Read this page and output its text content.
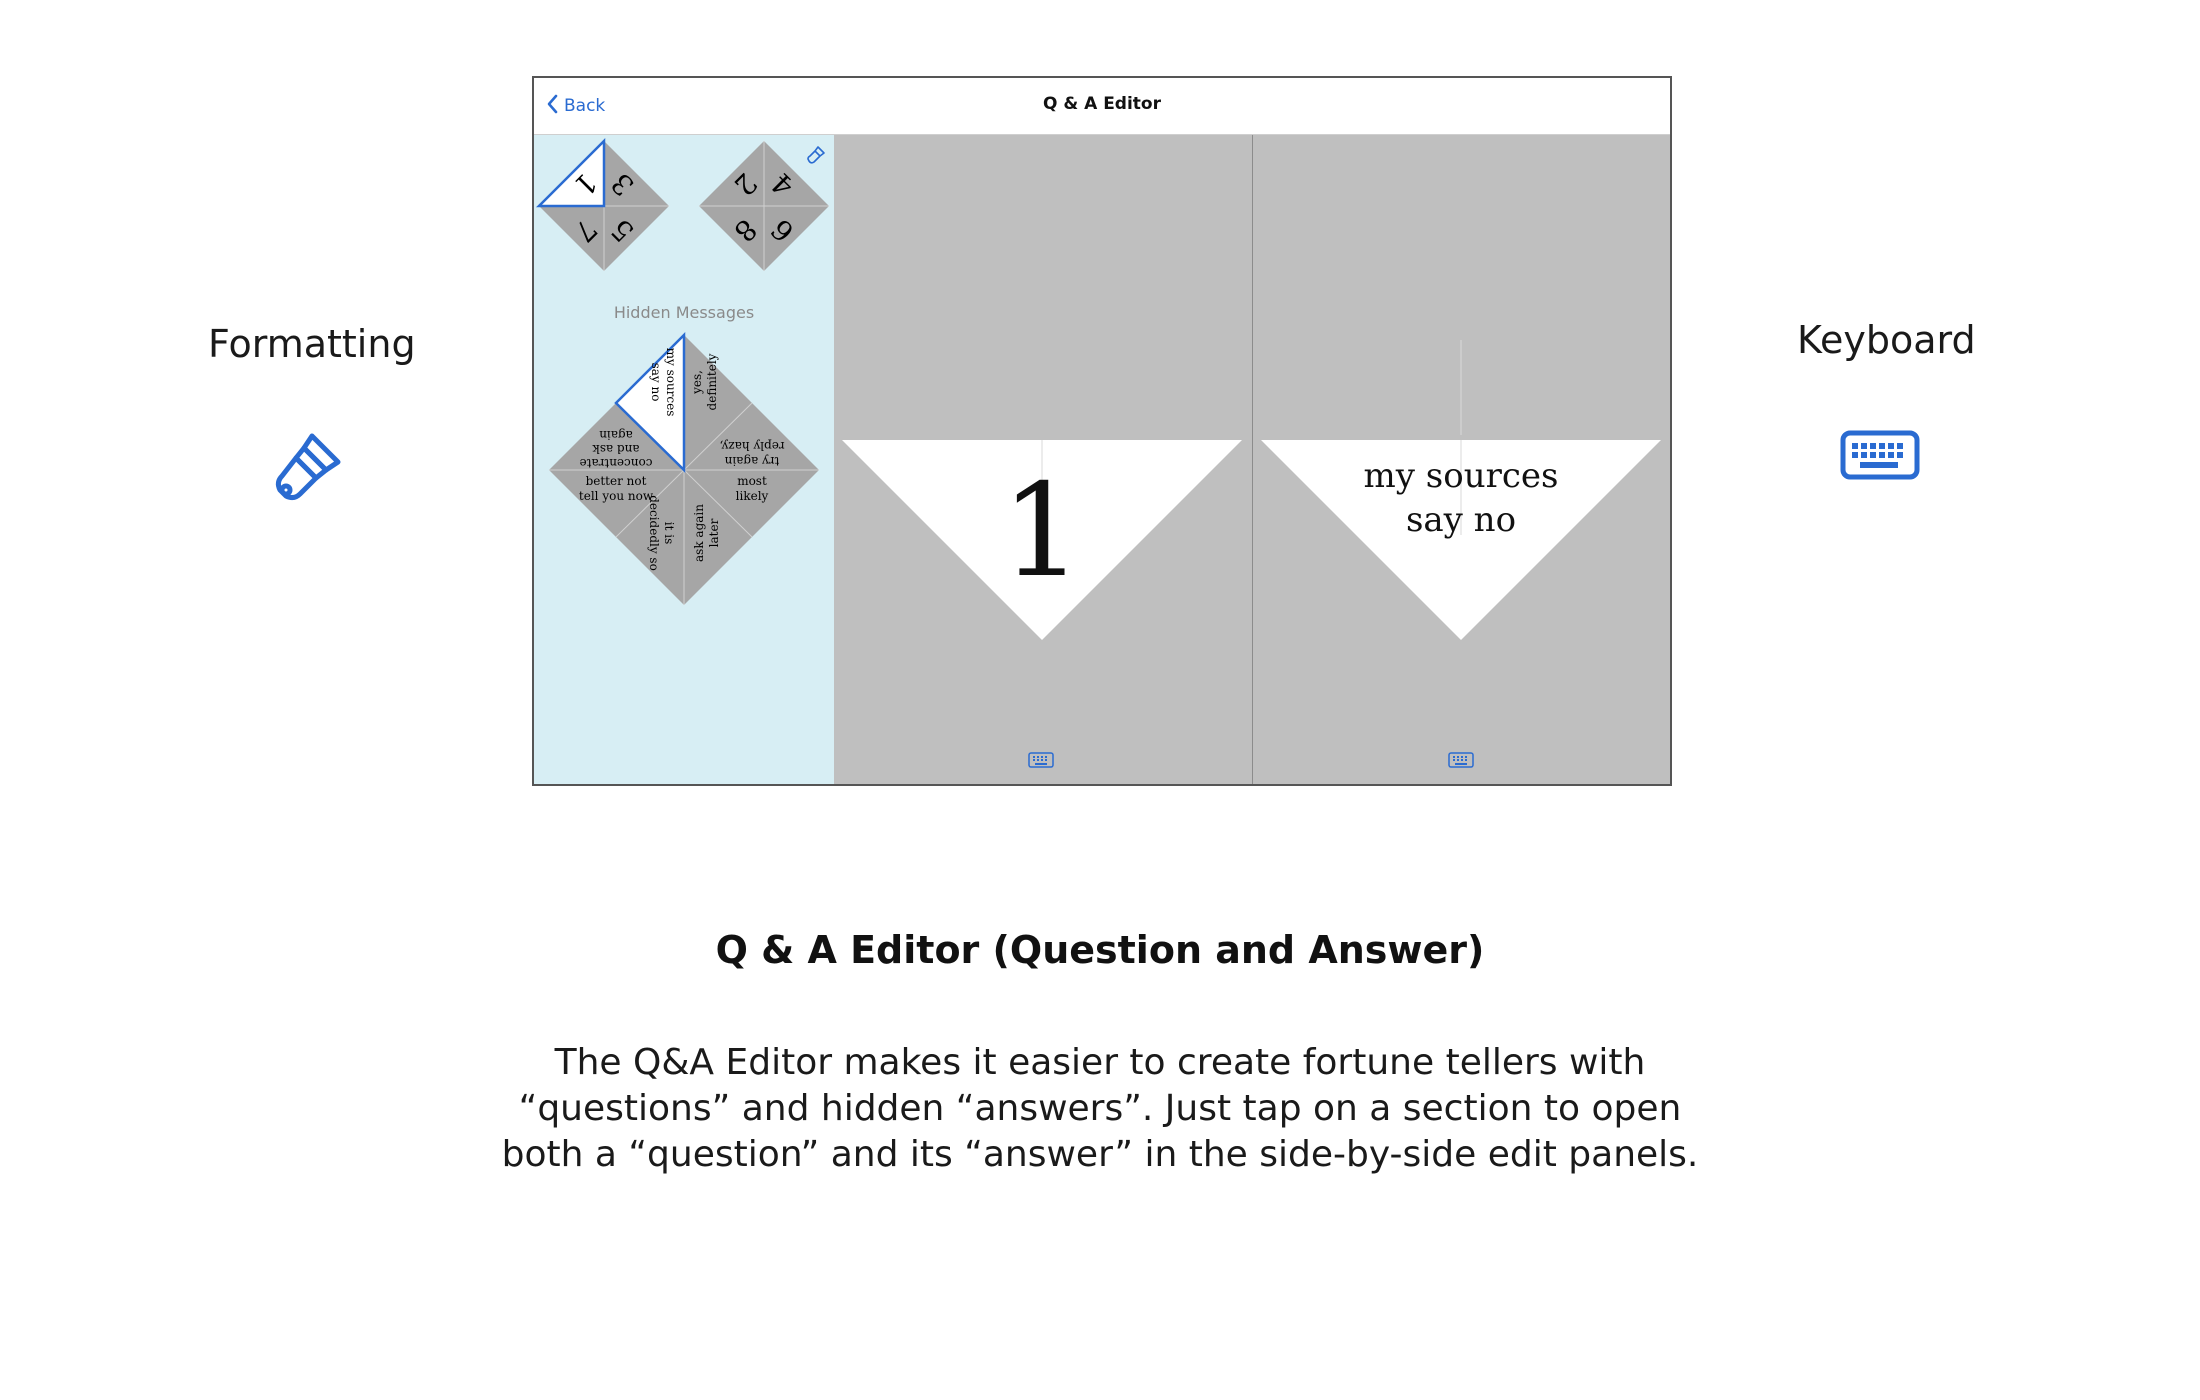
Formatting	Keyboard
Back	Q & A Editor
1 3
7 5
2 4
8 6
my sources
say no yes, definitely
try again
reply hazy,
concentrate
and ask
again
better not
tell you now
most
likely
it is
decidedly so	ask again later
Hidden Messages
1	my sources
say no
Q & A Editor (Question and Answer)
The Q&A Editor makes it easier to create fortune tellers with
“questions” and hidden “answers”. Just tap on a section to open
both a “question” and its “answer” in the side-by-side edit panels.
